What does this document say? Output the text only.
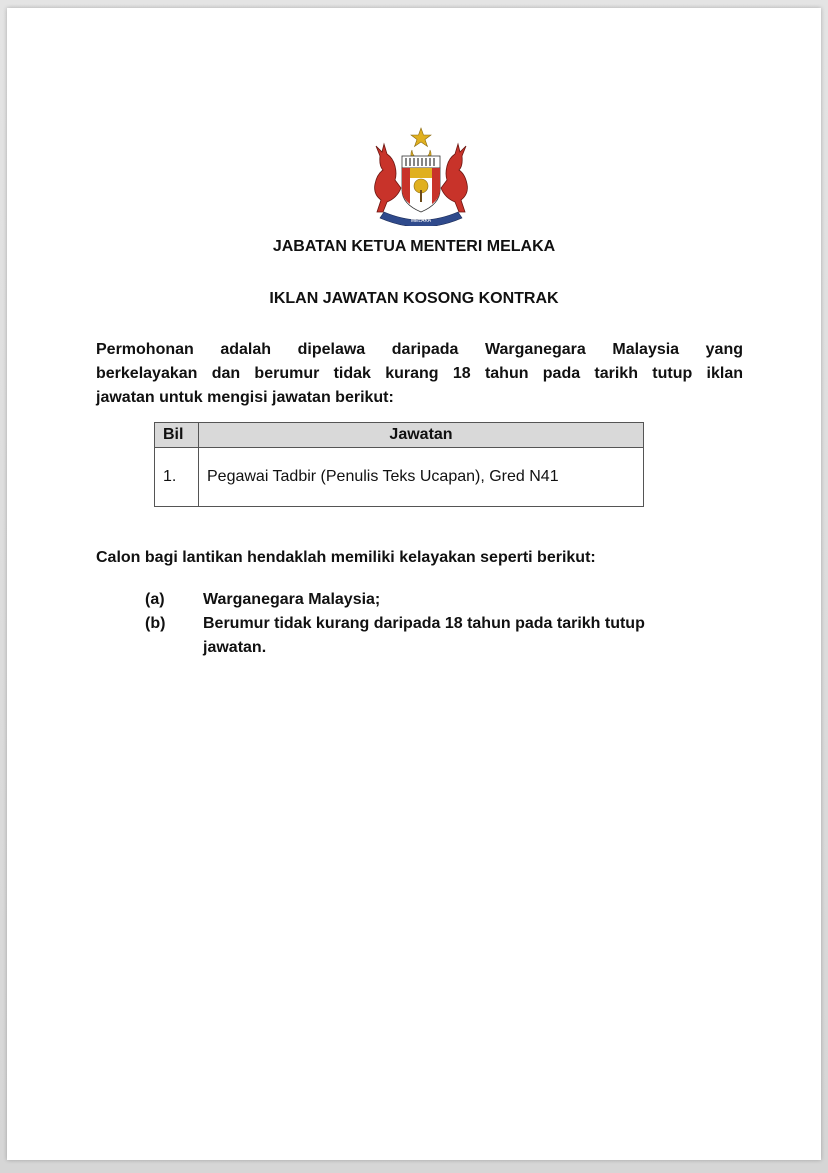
MELAKA
JABATAN KETUA MENTERI MELAKA
IKLAN JAWATAN KOSONG KONTRAK
Permohonan adalah dipelawa daripada Warganegara Malaysia yang
berkelayakan dan berumur tidak kurang 18 tahun pada tarikh tutup iklan
jawatan untuk mengisi jawatan berikut:
Bil	Jawatan
1.	Pegawai Tadbir (Penulis Teks Ucapan), Gred N41
Calon bagi lantikan hendaklah memiliki kelayakan seperti berikut:
(a)	Warganegara Malaysia;
(b)	Berumur tidak kurang daripada 18 tahun pada tarikh tutup
jawatan.
